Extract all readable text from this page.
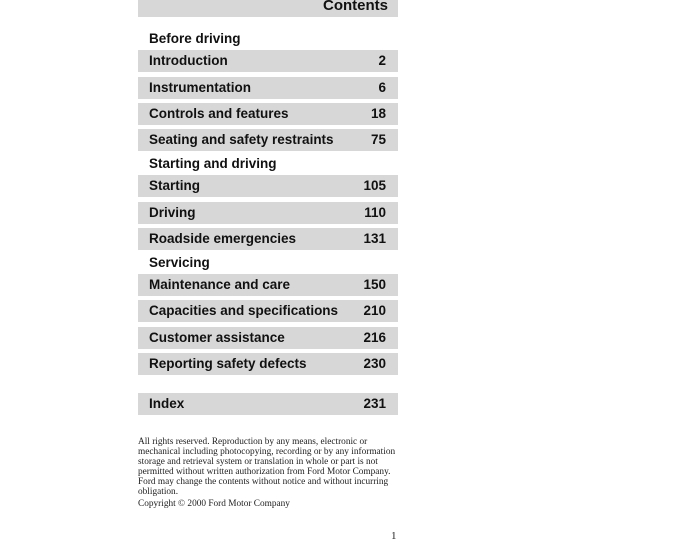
Contents
Before driving
Introduction	2
Instrumentation	6
Controls and features	18
Seating and safety restraints	75
Starting and driving
Starting	105
Driving	110
Roadside emergencies	131
Servicing
Maintenance and care	150
Capacities and specifications 210
Customer assistance	216
Reporting safety defects	230
Index	231
All rights reserved. Reproduction by any means, electronic or mechanical including photocopying, recording or by any information storage and retrieval system or translation in whole or part is not permitted without written authorization from Ford Motor Company. Ford may change the contents without notice and without incurring obligation.
Copyright © 2000 Ford Motor Company
1
